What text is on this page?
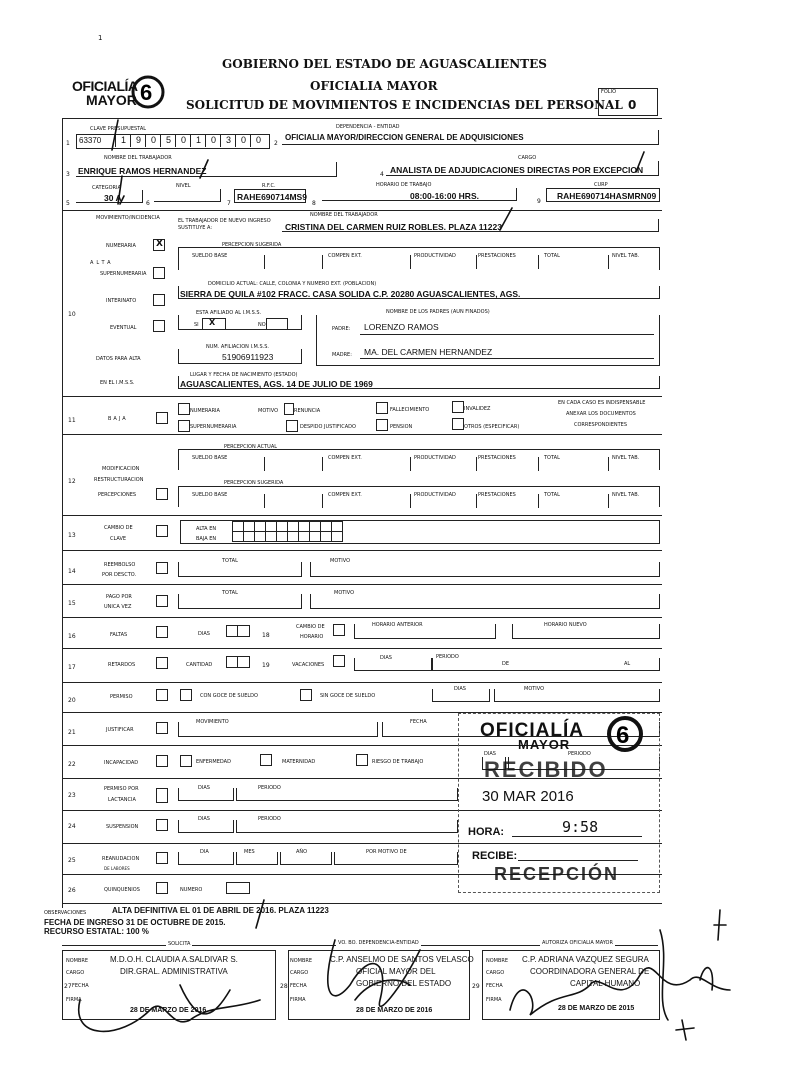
1
OFICIALÍA
MAYOR 6
GOBIERNO DEL ESTADO DE AGUASCALIENTES
OFICIALIA MAYOR
SOLICITUD DE MOVIMIENTOS E INCIDENCIAS DEL PERSONAL
FOLIO
0
CLAVE PRESUPUESTAL
1 63370	1	9	0	5	0	1	0	3	0	0	2
DEPENDENCIA - ENTIDAD
OFICIALIA MAYOR/DIRECCION GENERAL DE ADQUISICIONES
NOMBRE DEL TRABAJADOR
3 ENRIQUE RAMOS HERNANDEZ	4
CARGO
ANALISTA DE ADJUDICACIONES DIRECTAS POR EXCEPCION
CATEGORIA
5
30 A
6
NIVEL
7
R.F.C.
RAHE690714MS9
8
HORARIO DE TRABAJO
08:00-16:00 HRS.
9
CURP
RAHE690714HASMRN09
MOVIMIENTO/INCIDENCIA	EL TRABAJADOR DE NUEVO INGRESO SUSTITUYE A:
NOMBRE DEL TRABAJADOR
CRISTINA DEL CARMEN RUIZ ROBLES. PLAZA 11223
NUMERARIA X
ALTA
SUPERNUMERARIA
PERCEPCION SUGERIDA
SUELDO BASE	COMPEN EXT.	PRODUCTIVIDAD	PRESTACIONES	TOTAL	NIVEL TAB.
DOMICILIO ACTUAL: CALLE, COLONIA Y NUMERO EXT. (POBLACION)
SIERRA DE QUILA #102 FRACC. CASA SOLIDA C.P. 20280 AGUASCALIENTES, AGS.
INTERINATO
10	ESTA AFILIADO AL I.M.S.S.
SI X	NO
NOMBRE DE LOS PADRES (AUN FINADOS)
EVENTUAL	PADRE: LORENZO RAMOS
NUM. AFILIACION I.M.S.S.
51906911923
DATOS PARA ALTA
MADRE: MA. DEL CARMEN HERNANDEZ
LUGAR Y FECHA DE NACIMIENTO (ESTADO)
AGUASCALIENTES, AGS. 14 DE JULIO DE 1969
EN EL I.M.S.S.
11	BAJA
NUMERARIA
SUPERNUMERARIA
MOTIVO	RENUNCIA
DESPIDO JUSTIFICADO
FALLECIMIENTO
PENSION
INVALIDEZ
OTROS (ESPECIFICAR)
EN CADA CASO ES INDISPENSABLE
ANEXAR LOS DOCUMENTOS
CORRESPONDIENTES
PERCEPCION ACTUAL
SUELDO BASE	COMPEN EXT.	PRODUCTIVIDAD	PRESTACIONES	TOTAL	NIVEL TAB.
MODIFICACION
12	RESTRUCTURACION	PERCEPCION SUGERIDA
SUELDO BASE	COMPEN EXT.	PRODUCTIVIDAD	PRESTACIONES	TOTAL	NIVEL TAB.
PERCEPCIONES
13
CAMBIO DE
CLAVE
ALTA EN
BAJA EN
14
REEMBOLSO
POR DESCTO.
TOTAL	MOTIVO
15
PAGO POR
UNICA VEZ
TOTAL	MOTIVO
16	FALTAS	DIAS	18
CAMBIO DE
HORARIO
HORARIO ANTERIOR	HORARIO NUEVO
17	RETARDOS	CANTIDAD	19	VACACIONES
DIAS	PERIODO
DE	AL
20	PERMISO	CON GOCE DE SUELDO	SIN GOCE DE SUELDO
DIAS	MOTIVO
21	JUSTIFICAR
MOVIMIENTO	FECHA
22	INCAPACIDAD	ENFERMEDAD	MATERNIDAD	RIESGO DE TRABAJO
DIAS	PERIODO
23
PERMISO POR
LACTANCIA
DIAS	PERIODO
24	SUSPENSION
DIAS	PERIODO
25	REANUDACION
DE LABORES
DIA	MES	AÑO	POR MOTIVO DE
26	QUINQUENIOS	NUMERO
OFICIALÍA
MAYOR 6
RECIBIDO
30 MAR 2016
HORA:	9:58
RECIBE:
RECEPCIÓN
OBSERVACIONES	ALTA DEFINITIVA EL 01 DE ABRIL DE 2016. PLAZA 11223
FECHA DE INGRESO 31 DE OCTUBRE DE 2015.
RECURSO ESTATAL: 100 %
SOLICITA	VO. BO. DEPENDENCIA-ENTIDAD	AUTORIZA OFICIALIA MAYOR
NOMBRE	M.D.O.H. CLAUDIA A.SALDIVAR S.
CARGO	DIR.GRAL. ADMINISTRATIVA
27 FECHA
FIRMA
28 DE MARZO DE 2016
NOMBRE C.P. ANSELMO DE SANTOS VELASCO
CARGO	OFICIAL MAYOR DEL
28 FECHA	GOBIERNO DEL ESTADO
FIRMA
28 DE MARZO DE 2016
NOMBRE C.P. ADRIANA VAZQUEZ SEGURA
CARGO	COORDINADORA GENERAL DE
29 FECHA	CAPITAL HUMANO
FIRMA
28 DE MARZO DE 2015
